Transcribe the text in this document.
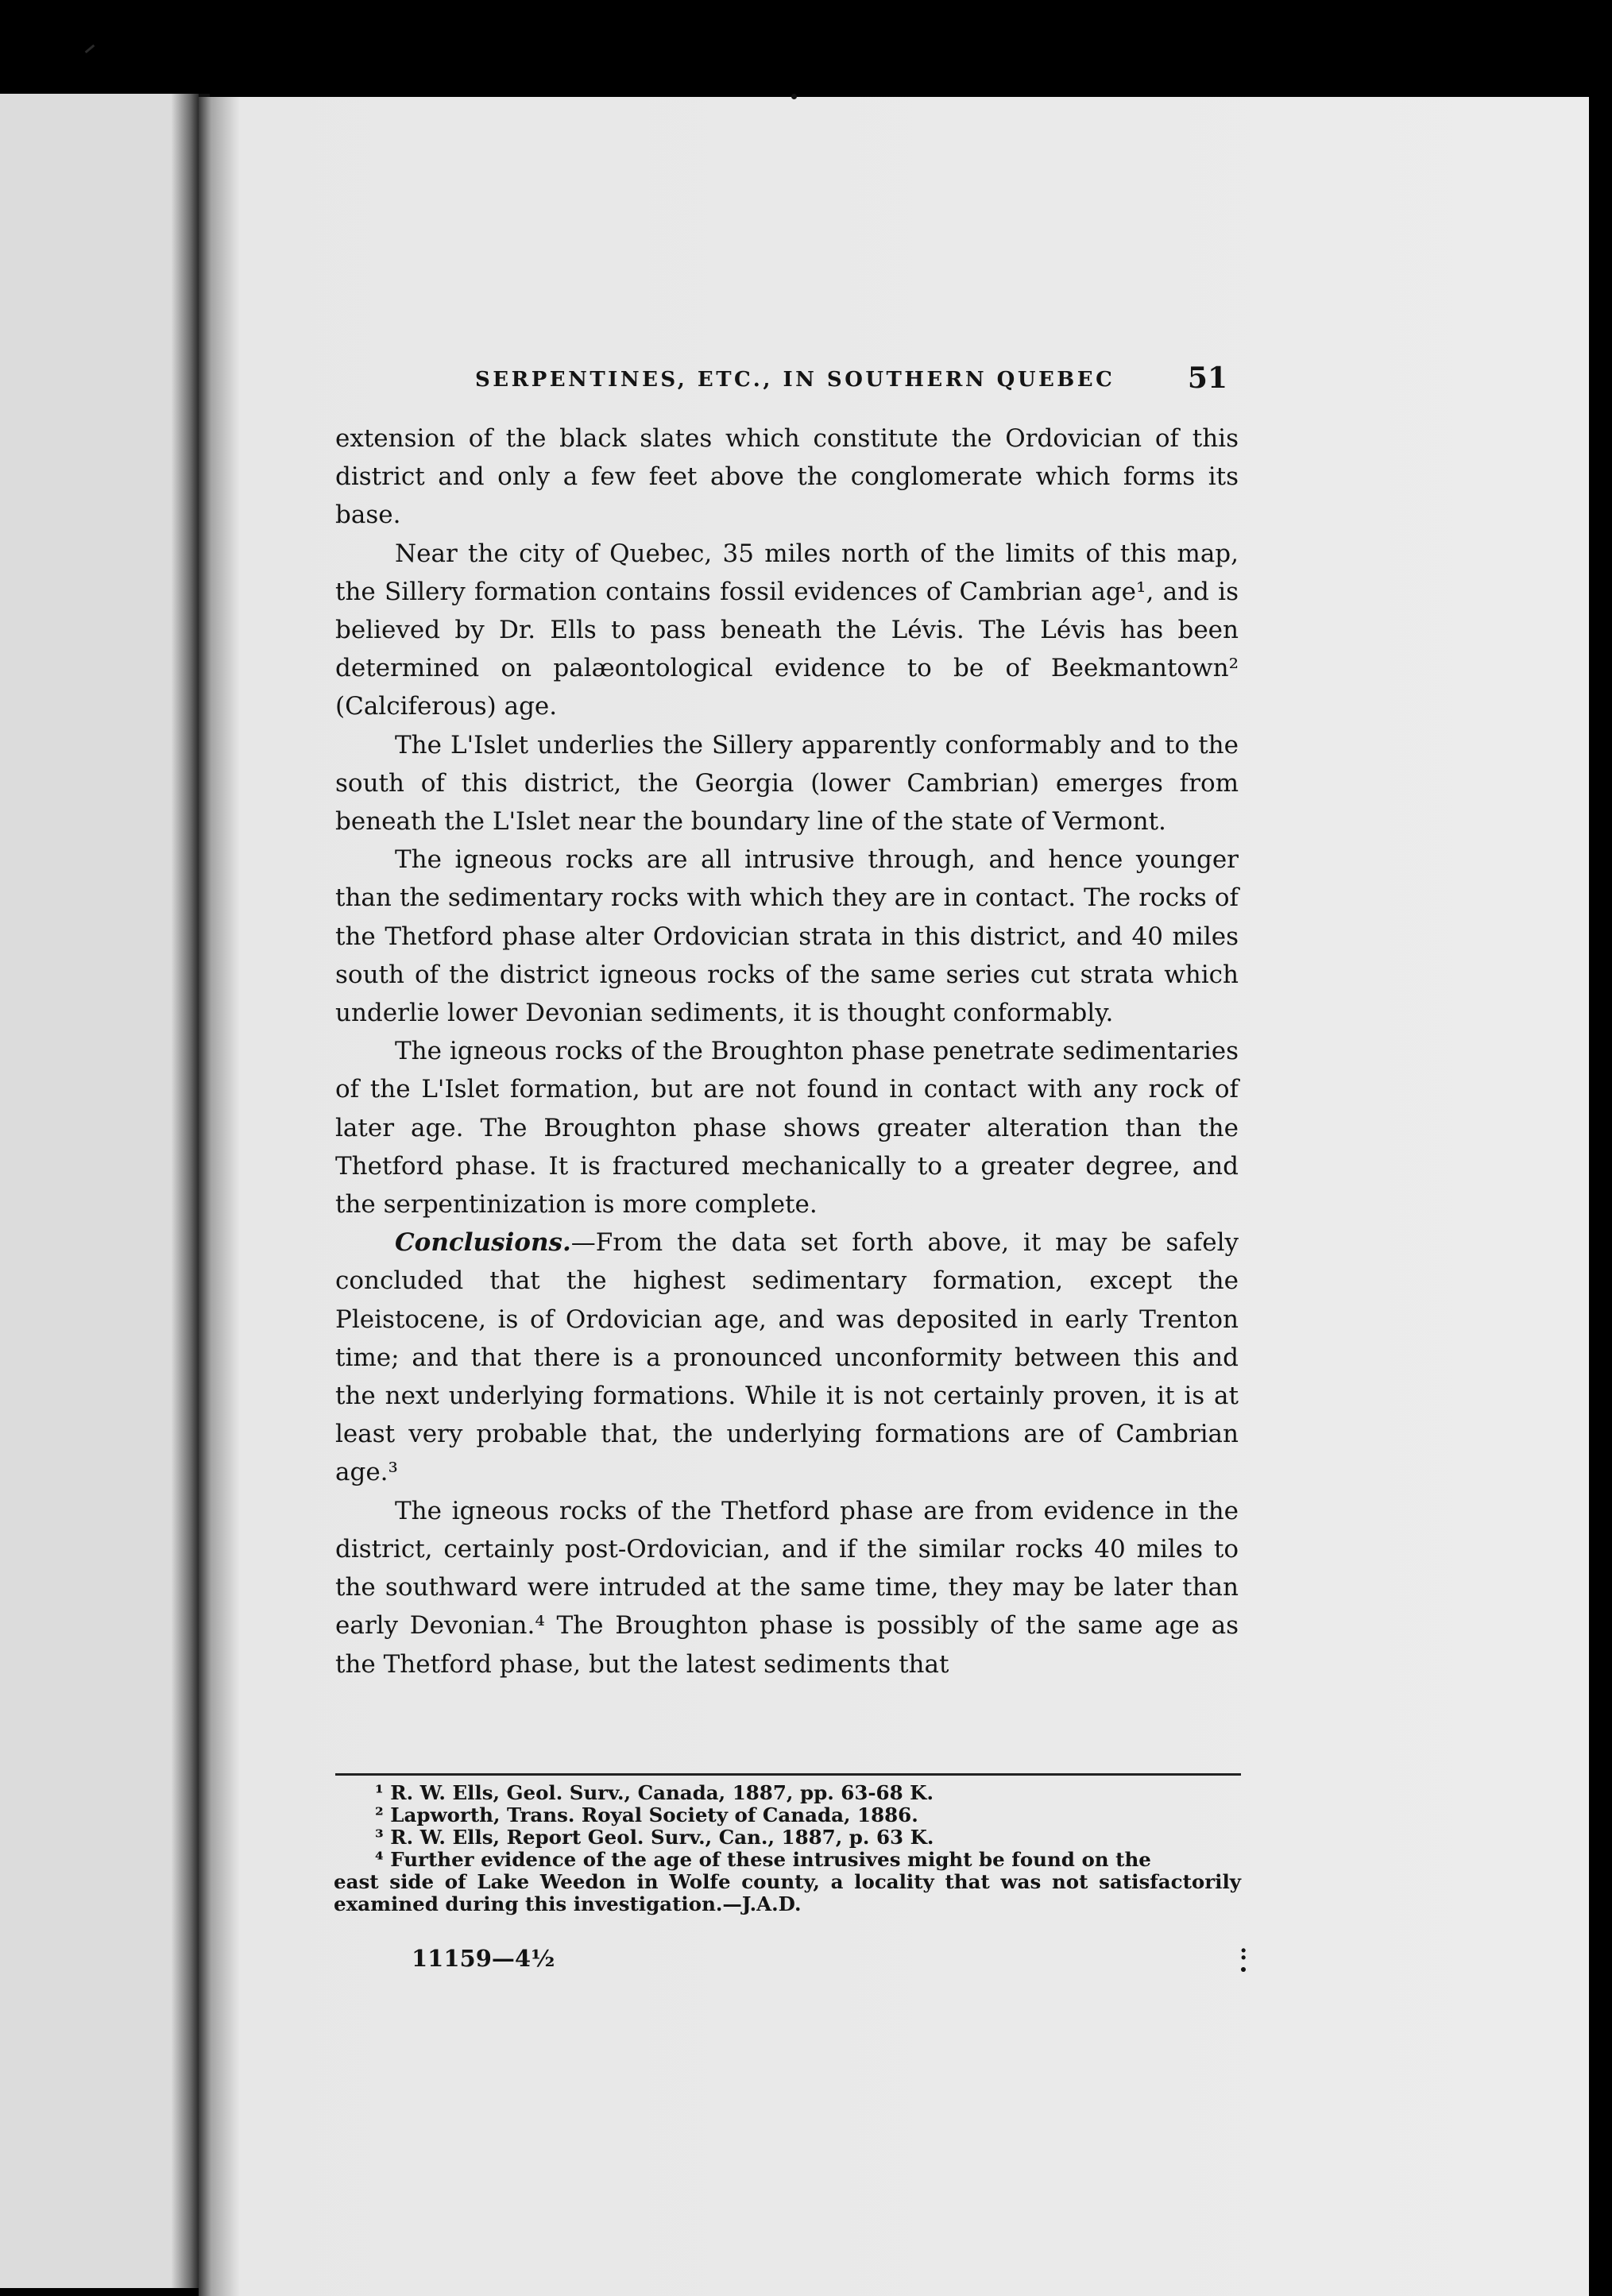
SERPENTINES, ETC., IN SOUTHERN QUEBEC	51

extension of the black slates which constitute the Ordovician of this district and only a few feet above the conglomerate which forms its base.

Near the city of Quebec, 35 miles north of the limits of this map, the Sillery formation contains fossil evidences of Cambrian age¹, and is believed by Dr. Ells to pass beneath the Lévis. The Lévis has been determined on palæontological evidence to be of Beekmantown² (Calciferous) age.

The L'Islet underlies the Sillery apparently conformably and to the south of this district, the Georgia (lower Cambrian) emerges from beneath the L'Islet near the boundary line of the state of Vermont.

The igneous rocks are all intrusive through, and hence younger than the sedimentary rocks with which they are in contact. The rocks of the Thetford phase alter Ordovician strata in this district, and 40 miles south of the district igneous rocks of the same series cut strata which underlie lower Devonian sediments, it is thought conformably.

The igneous rocks of the Broughton phase penetrate sedimentaries of the L'Islet formation, but are not found in contact with any rock of later age. The Broughton phase shows greater alteration than the Thetford phase. It is fractured mechanically to a greater degree, and the serpentinization is more complete.

Conclusions.—From the data set forth above, it may be safely concluded that the highest sedimentary formation, except the Pleistocene, is of Ordovician age, and was deposited in early Trenton time; and that there is a pronounced unconformity between this and the next underlying formations. While it is not certainly proven, it is at least very probable that, the underlying formations are of Cambrian age.³

The igneous rocks of the Thetford phase are from evidence in the district, certainly post-Ordovician, and if the similar rocks 40 miles to the southward were intruded at the same time, they may be later than early Devonian.⁴ The Broughton phase is possibly of the same age as the Thetford phase, but the latest sediments that

¹ R. W. Ells, Geol. Surv., Canada, 1887, pp. 63-68 K.

² Lapworth, Trans. Royal Society of Canada, 1886.

³ R. W. Ells, Report Geol. Surv., Can., 1887, p. 63 K.

⁴ Further evidence of the age of these intrusives might be found on the

east side of Lake Weedon in Wolfe county, a locality that was not satisfactorily examined during this investigation.—J.A.D.

11159—4½	:
